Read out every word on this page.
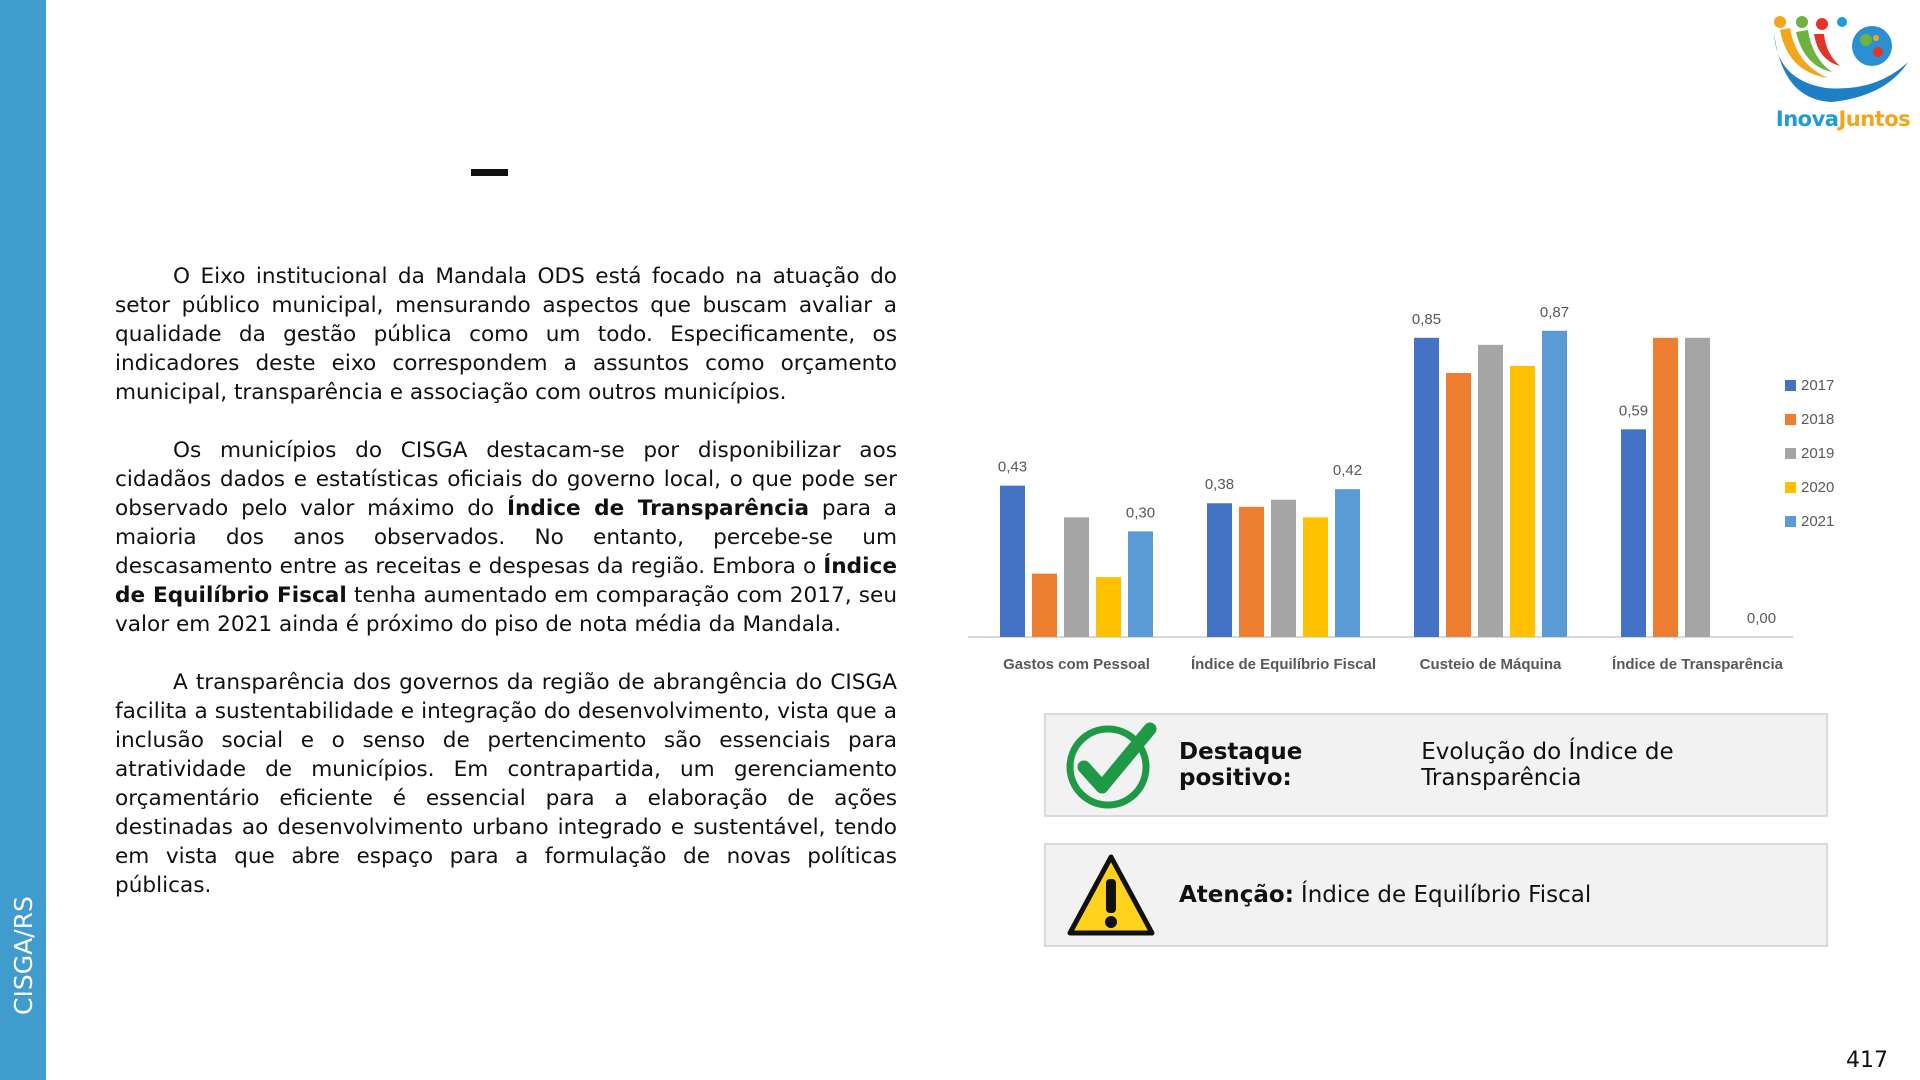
CISGA/RS
InovaJuntos

O Eixo institucional da Mandala ODS está focado na atuação do setor público municipal, mensurando aspectos que buscam avaliar a qualidade da gestão pública como um todo. Especificamente, os indicadores deste eixo correspondem a assuntos como orçamento municipal, transparência e associação com outros municípios.

Os municípios do CISGA destacam-se por disponibilizar aos cidadãos dados e estatísticas oficiais do governo local, o que pode ser observado pelo valor máximo do Índice de Transparência para a maioria dos anos observados. No entanto, percebe-se um descasamento entre as receitas e despesas da região. Embora o Índice de Equilíbrio Fiscal tenha aumentado em comparação com 2017, seu valor em 2021 ainda é próximo do piso de nota média da Mandala.

A transparência dos governos da região de abrangência do CISGA facilita a sustentabilidade e integração do desenvolvimento, vista que a inclusão social e o senso de pertencimento são essenciais para atratividade de municípios. Em contrapartida, um gerenciamento orçamentário eficiente é essencial para a elaboração de ações destinadas ao desenvolvimento urbano integrado e sustentável, tendo em vista que abre espaço para a formulação de novas políticas públicas.

Gastos com Pessoal	Índice de Equilíbrio Fiscal	Custeio de Máquina	Índice de Transparência
0,43
0,30
0,38
0,42
0,85	0,87
0,59
0,00
2017
2018
2019
2020
2021
Destaque positivo:
Evolução do Índice de Transparência
Atenção: Índice de Equilíbrio Fiscal
417
